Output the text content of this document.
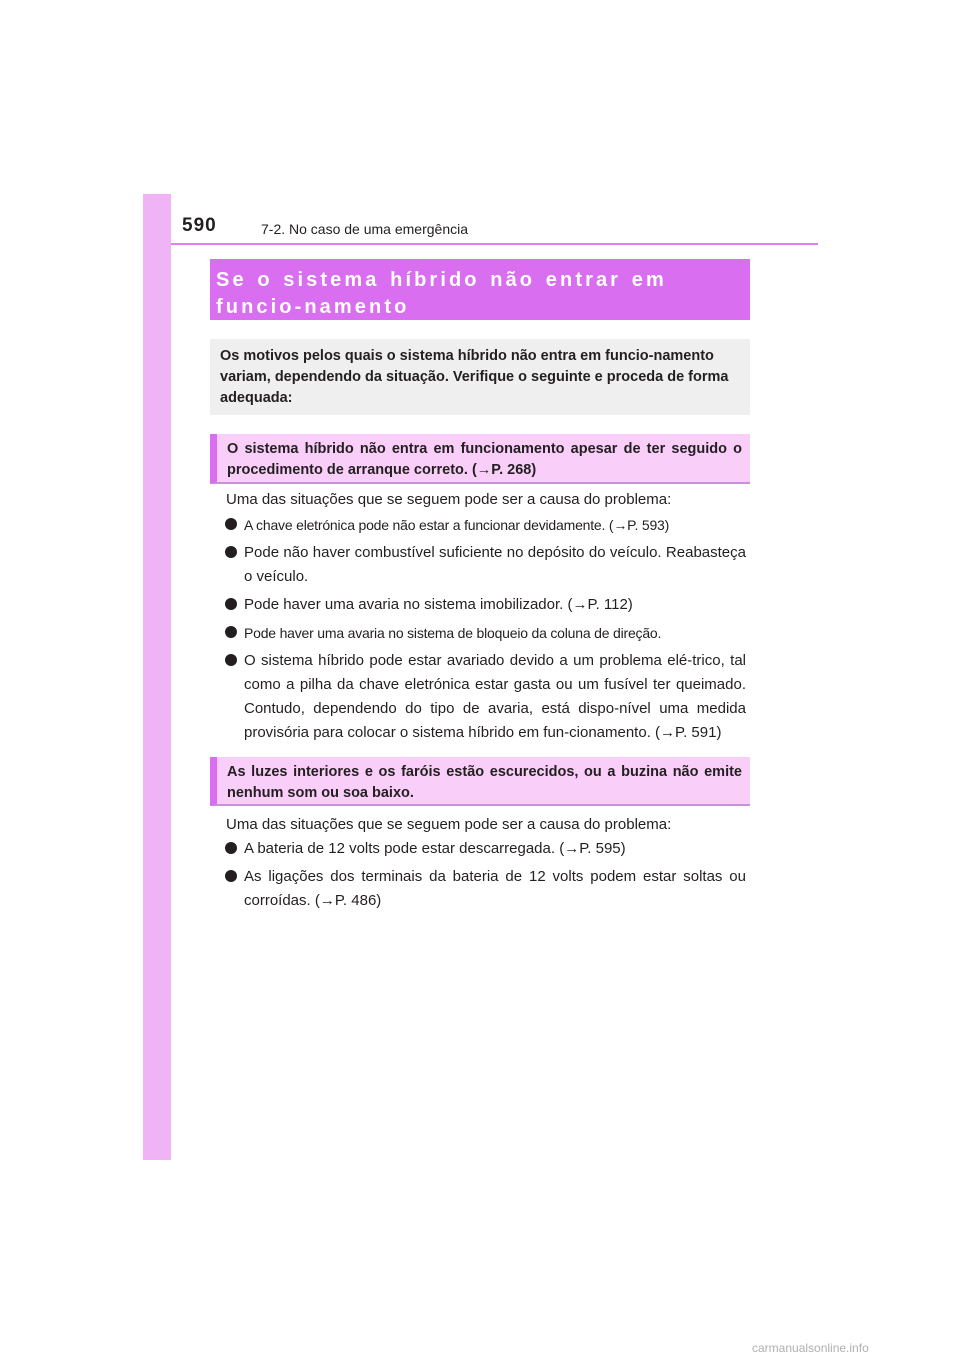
590	7-2. No caso de uma emergência
Se o sistema híbrido não entrar em funcio-namento
Os motivos pelos quais o sistema híbrido não entra em funcio-namento variam, dependendo da situação. Verifique o seguinte e proceda de forma adequada:
O sistema híbrido não entra em funcionamento apesar de ter seguido o procedimento de arranque correto. (→P. 268)
Uma das situações que se seguem pode ser a causa do problema:
A chave eletrónica pode não estar a funcionar devidamente. (→P. 593)
Pode não haver combustível suficiente no depósito do veículo. Reabasteça o veículo.
Pode haver uma avaria no sistema imobilizador. (→P. 112)
Pode haver uma avaria no sistema de bloqueio da coluna de direção.
O sistema híbrido pode estar avariado devido a um problema elé-trico, tal como a pilha da chave eletrónica estar gasta ou um fusível ter queimado. Contudo, dependendo do tipo de avaria, está dispo-nível uma medida provisória para colocar o sistema híbrido em fun-cionamento. (→P. 591)
As luzes interiores e os faróis estão escurecidos, ou a buzina não emite nenhum som ou soa baixo.
Uma das situações que se seguem pode ser a causa do problema:
A bateria de 12 volts pode estar descarregada. (→P. 595)
As ligações dos terminais da bateria de 12 volts podem estar soltas ou corroídas. (→P. 486)
carmanualsonline.info
